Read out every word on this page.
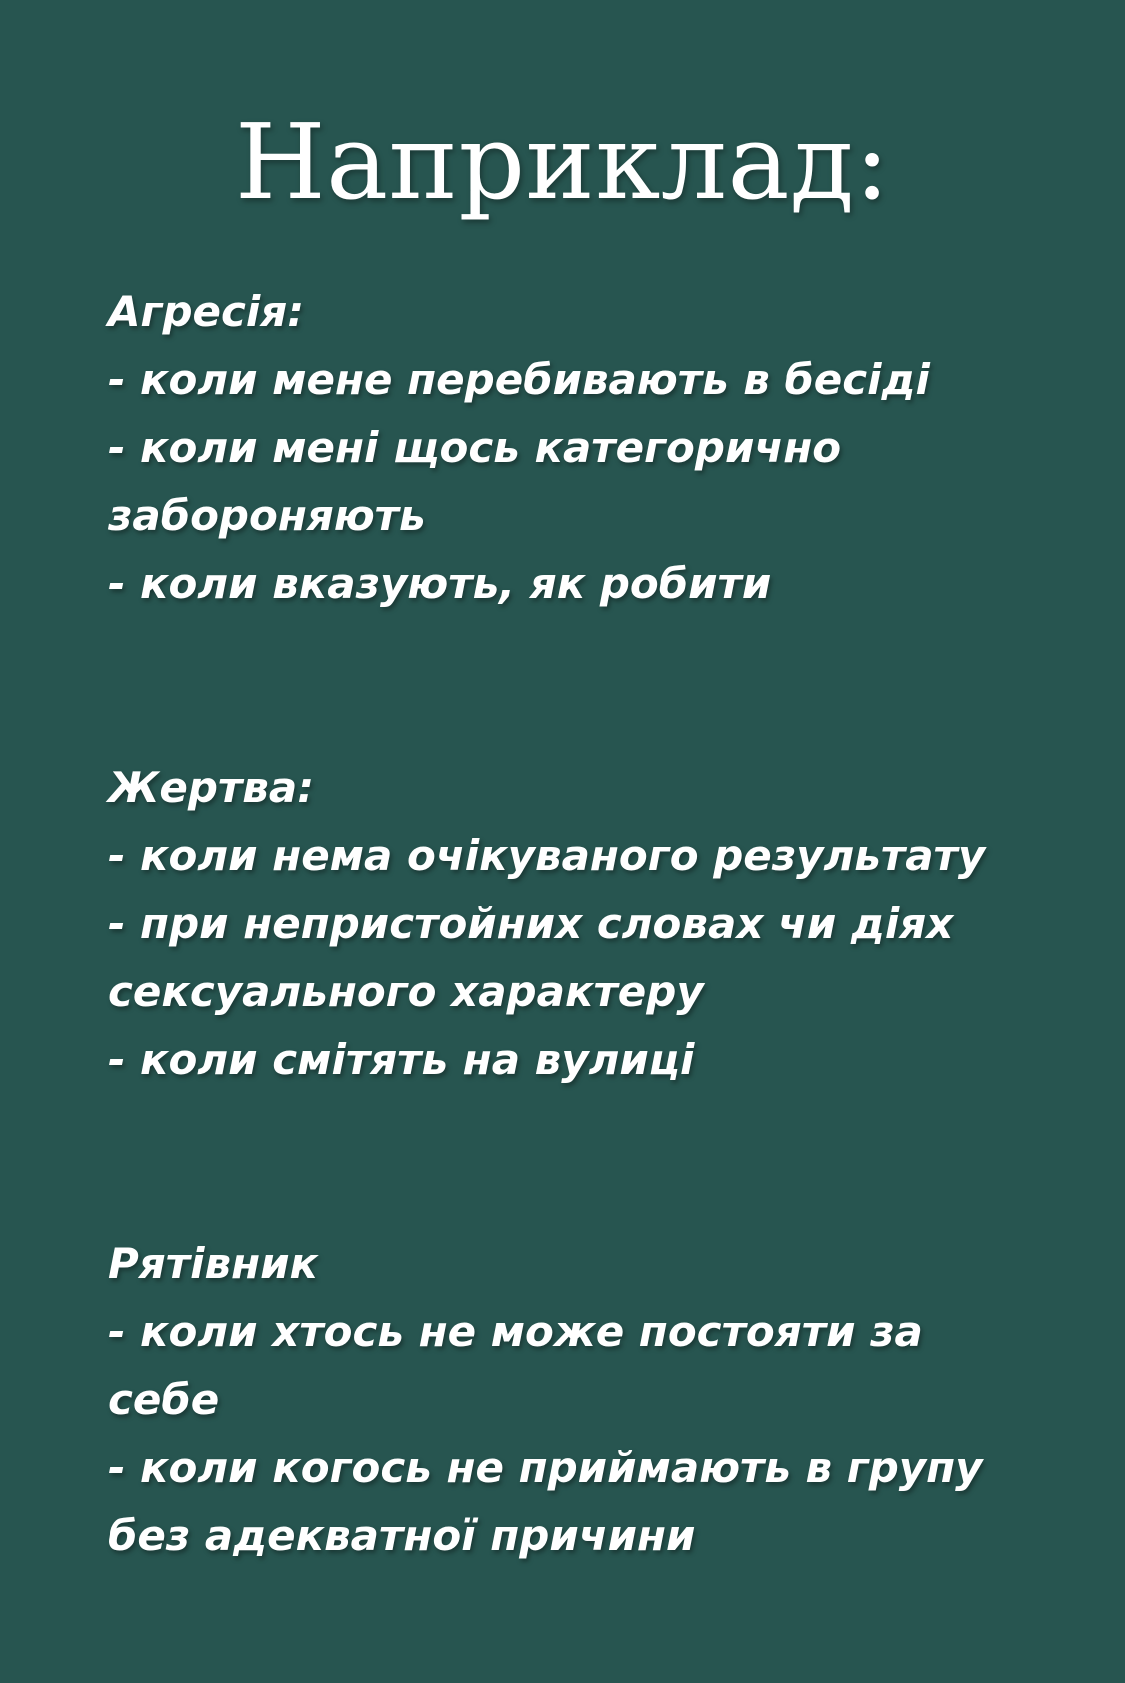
Наприклад:
Агресія:
- коли мене перебивають в бесіді
- коли мені щось категорично
забороняють
- коли вказують, як робити
Жертва:
- коли нема очікуваного результату
- при непристойних словах чи діях
сексуального характеру
- коли смітять на вулиці
Рятівник
- коли хтось не може постояти за
себе
- коли когось не приймають в групу
без адекватної причини
